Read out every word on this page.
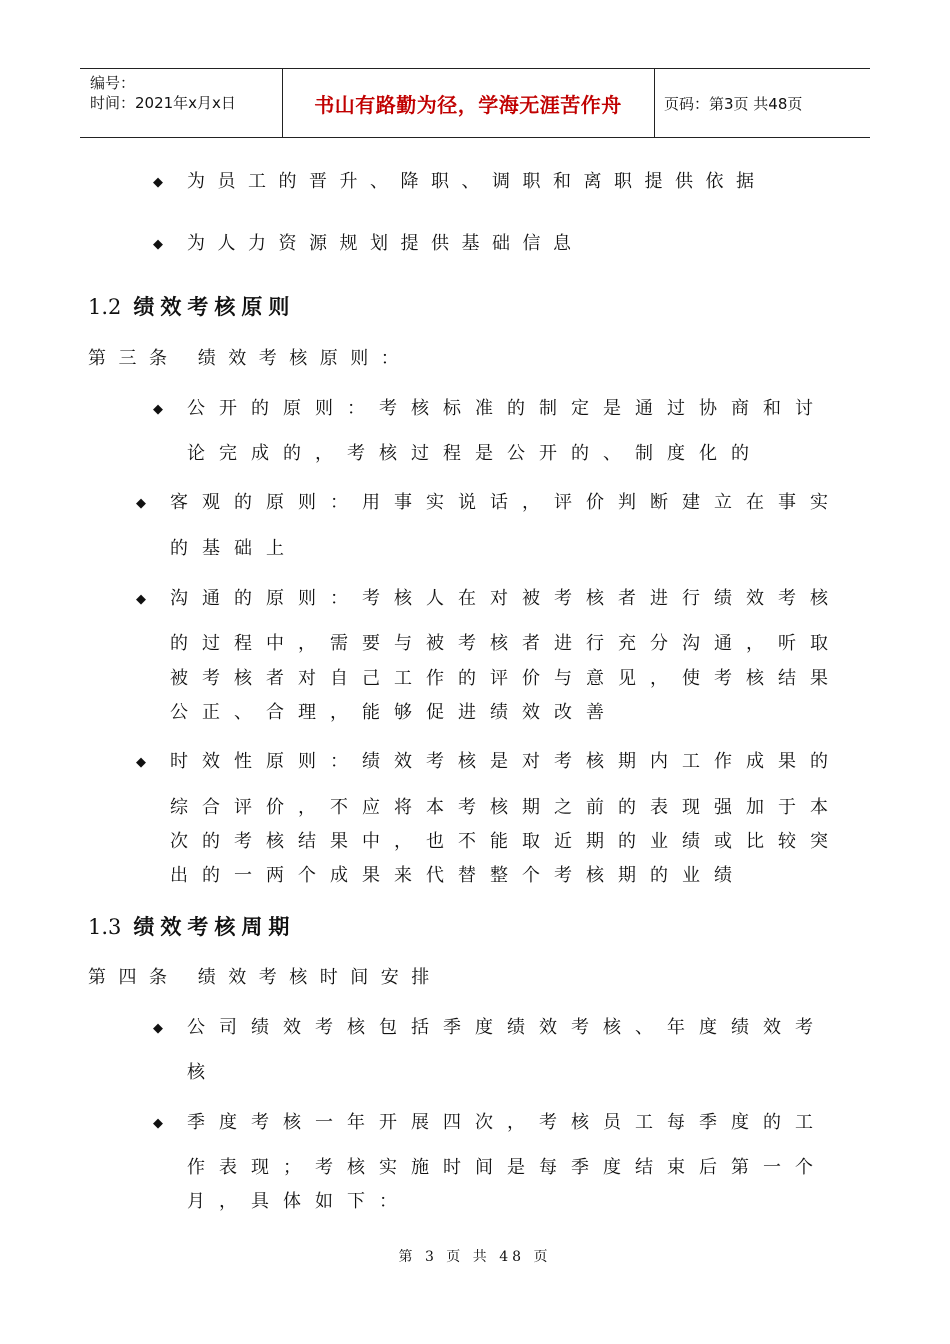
编号：
时间：2021年x月x日	书山有路勤为径，学海无涯苦作舟	页码：第3页 共48页
◆ 为员工的晋升、降职、调职和离职提供依据
◆ 为人力资源规划提供基础信息
1.2 绩效考核原则
第三条 绩效考核原则：
◆ 公开的原则：考核标准的制定是通过协商和讨
论完成的，考核过程是公开的、制度化的
◆ 客观的原则：用事实说话，评价判断建立在事实
的基础上
◆ 沟通的原则：考核人在对被考核者进行绩效考核
的过程中，需要与被考核者进行充分沟通，听取
被考核者对自己工作的评价与意见，使考核结果
公正、合理，能够促进绩效改善
◆ 时效性原则：绩效考核是对考核期内工作成果的
综合评价，不应将本考核期之前的表现强加于本
次的考核结果中，也不能取近期的业绩或比较突
出的一两个成果来代替整个考核期的业绩
1.3 绩效考核周期
第四条 绩效考核时间安排
◆ 公司绩效考核包括季度绩效考核、年度绩效考
核
◆ 季度考核一年开展四次，考核员工每季度的工
作表现；考核实施时间是每季度结束后第一个
月，具体如下：
第 3 页 共 48 页
